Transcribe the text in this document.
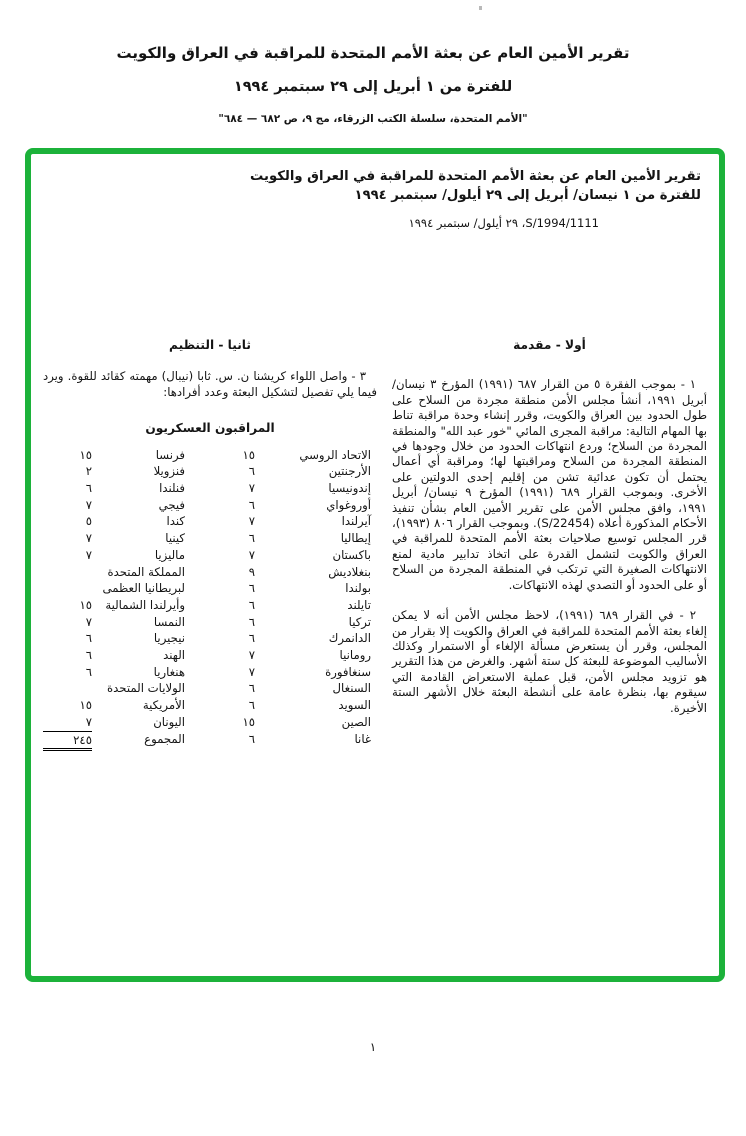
تقرير الأمين العام عن بعثة الأمم المتحدة للمراقبة في العراق والكويت
للفترة من ١ أبريل إلى ٢٩ سبتمبر ١٩٩٤
"الأمم المتحدة، سلسلة الكتب الزرقاء، مج ٩، ص ٦٨٢ — ٦٨٤"
تقرير الأمين العام عن بعثة الأمم المتحدة للمراقبة في العراق والكويت
للفترة من ١ نيسان/ أبريل إلى ٢٩ أيلول/ سبتمبر ١٩٩٤
S/1994/1111، ٢٩ أيلول/ سبتمبر ١٩٩٤
أولا - مقدمة

١ - بموجب الفقرة ٥ من القرار ٦٨٧ (١٩٩١) المؤرخ ٣ نيسان/ أبريل ١٩٩١، أنشأ مجلس الأمن منطقة مجردة من السلاح على طول الحدود بين العراق والكويت، وقرر إنشاء وحدة مراقبة تناط بها المهام التالية: مراقبة المجرى المائي "خور عبد الله" والمنطقة المجردة من السلاح؛ وردع انتهاكات الحدود من خلال وجودها في المنطقة المجردة من السلاح ومراقبتها لها؛ ومراقبة أي أعمال يحتمل أن تكون عدائية تشن من إقليم إحدى الدولتين على الأخرى. وبموجب القرار ٦٨٩ (١٩٩١) المؤرخ ٩ نيسان/ أبريل ١٩٩١، وافق مجلس الأمن على تقرير الأمين العام بشأن تنفيذ الأحكام المذكورة أعلاه (S/22454). وبموجب القرار ٨٠٦ (١٩٩٣)، قرر المجلس توسيع صلاحيات بعثة الأمم المتحدة للمراقبة في العراق والكويت لتشمل القدرة على اتخاذ تدابير مادية لمنع الانتهاكات الصغيرة التي ترتكب في المنطقة المجردة من السلاح أو على الحدود أو التصدي لهذه الانتهاكات.

٢ - في القرار ٦٨٩ (١٩٩١)، لاحظ مجلس الأمن أنه لا يمكن إلغاء بعثة الأمم المتحدة للمراقبة في العراق والكويت إلا بقرار من المجلس، وقرر أن يستعرض مسألة الإلغاء أو الاستمرار وكذلك الأساليب الموضوعة للبعثة كل ستة أشهر. والغرض من هذا التقرير هو تزويد مجلس الأمن، قبل عملية الاستعراض القادمة التي سيقوم بها، بنظرة عامة على أنشطة البعثة خلال الأشهر الستة الأخيرة.

ثانيا - التنظيم

٣ - واصل اللواء كريشنا ن. س. ثابا (نيبال) مهمته كقائد للقوة. ويرد فيما يلي تفصيل لتشكيل البعثة وعدد أفرادها:

المراقبون العسكريون
الاتحاد الروسي
١٥
فرنسا
١٥
الأرجنتين
٦
فنزويلا
٢
إندونيسيا
٧
فنلندا
٦
أوروغواي
٦
فيجي
٧
آيرلندا
٧
كندا
٥
إيطاليا
٦
كينيا
٧
باكستان
٧
ماليزيا
٧
بنغلاديش
٩
المملكة المتحدة
بولندا
٦
لبريطانيا العظمى
تايلند
٦
وأيرلندا الشمالية
١٥
تركيا
٦
النمسا
٧
الدانمرك
٦
نيجيريا
٦
رومانيا
٧
الهند
٦
سنغافورة
٧
هنغاريا
٦
السنغال
٦
الولايات المتحدة
السويد
٦
الأمريكية
١٥
الصين
١٥
اليونان
٧
غانا
٦
المجموع
٢٤٥
١
